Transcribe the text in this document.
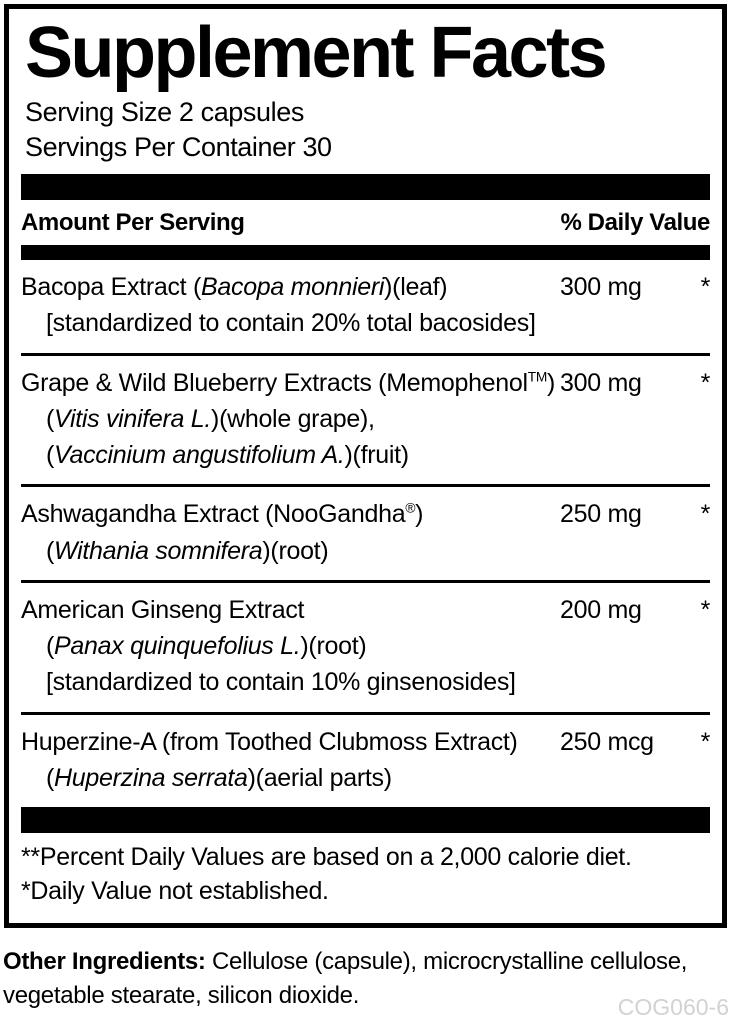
Supplement Facts
Serving Size 2 capsules
Servings Per Container 30
Amount Per Serving	% Daily Value
Bacopa Extract (Bacopa monnieri)(leaf)
[standardized to contain 20% total bacosides]
300 mg	*
Grape & Wild Blueberry Extracts (Memophenol™)
(Vitis vinifera L.)(whole grape),
(Vaccinium angustifolium A.)(fruit)
300 mg	*
Ashwagandha Extract (NooGandha®)
(Withania somnifera)(root)
250 mg	*
American Ginseng Extract
(Panax quinquefolius L.)(root)
[standardized to contain 10% ginsenosides]
200 mg	*
Huperzine-A (from Toothed Clubmoss Extract)
(Huperzina serrata)(aerial parts)
250 mcg	*
**Percent Daily Values are based on a 2,000 calorie diet.
*Daily Value not established.

Other Ingredients: Cellulose (capsule), microcrystalline cellulose, vegetable stearate, silicon dioxide.	COG060-6
